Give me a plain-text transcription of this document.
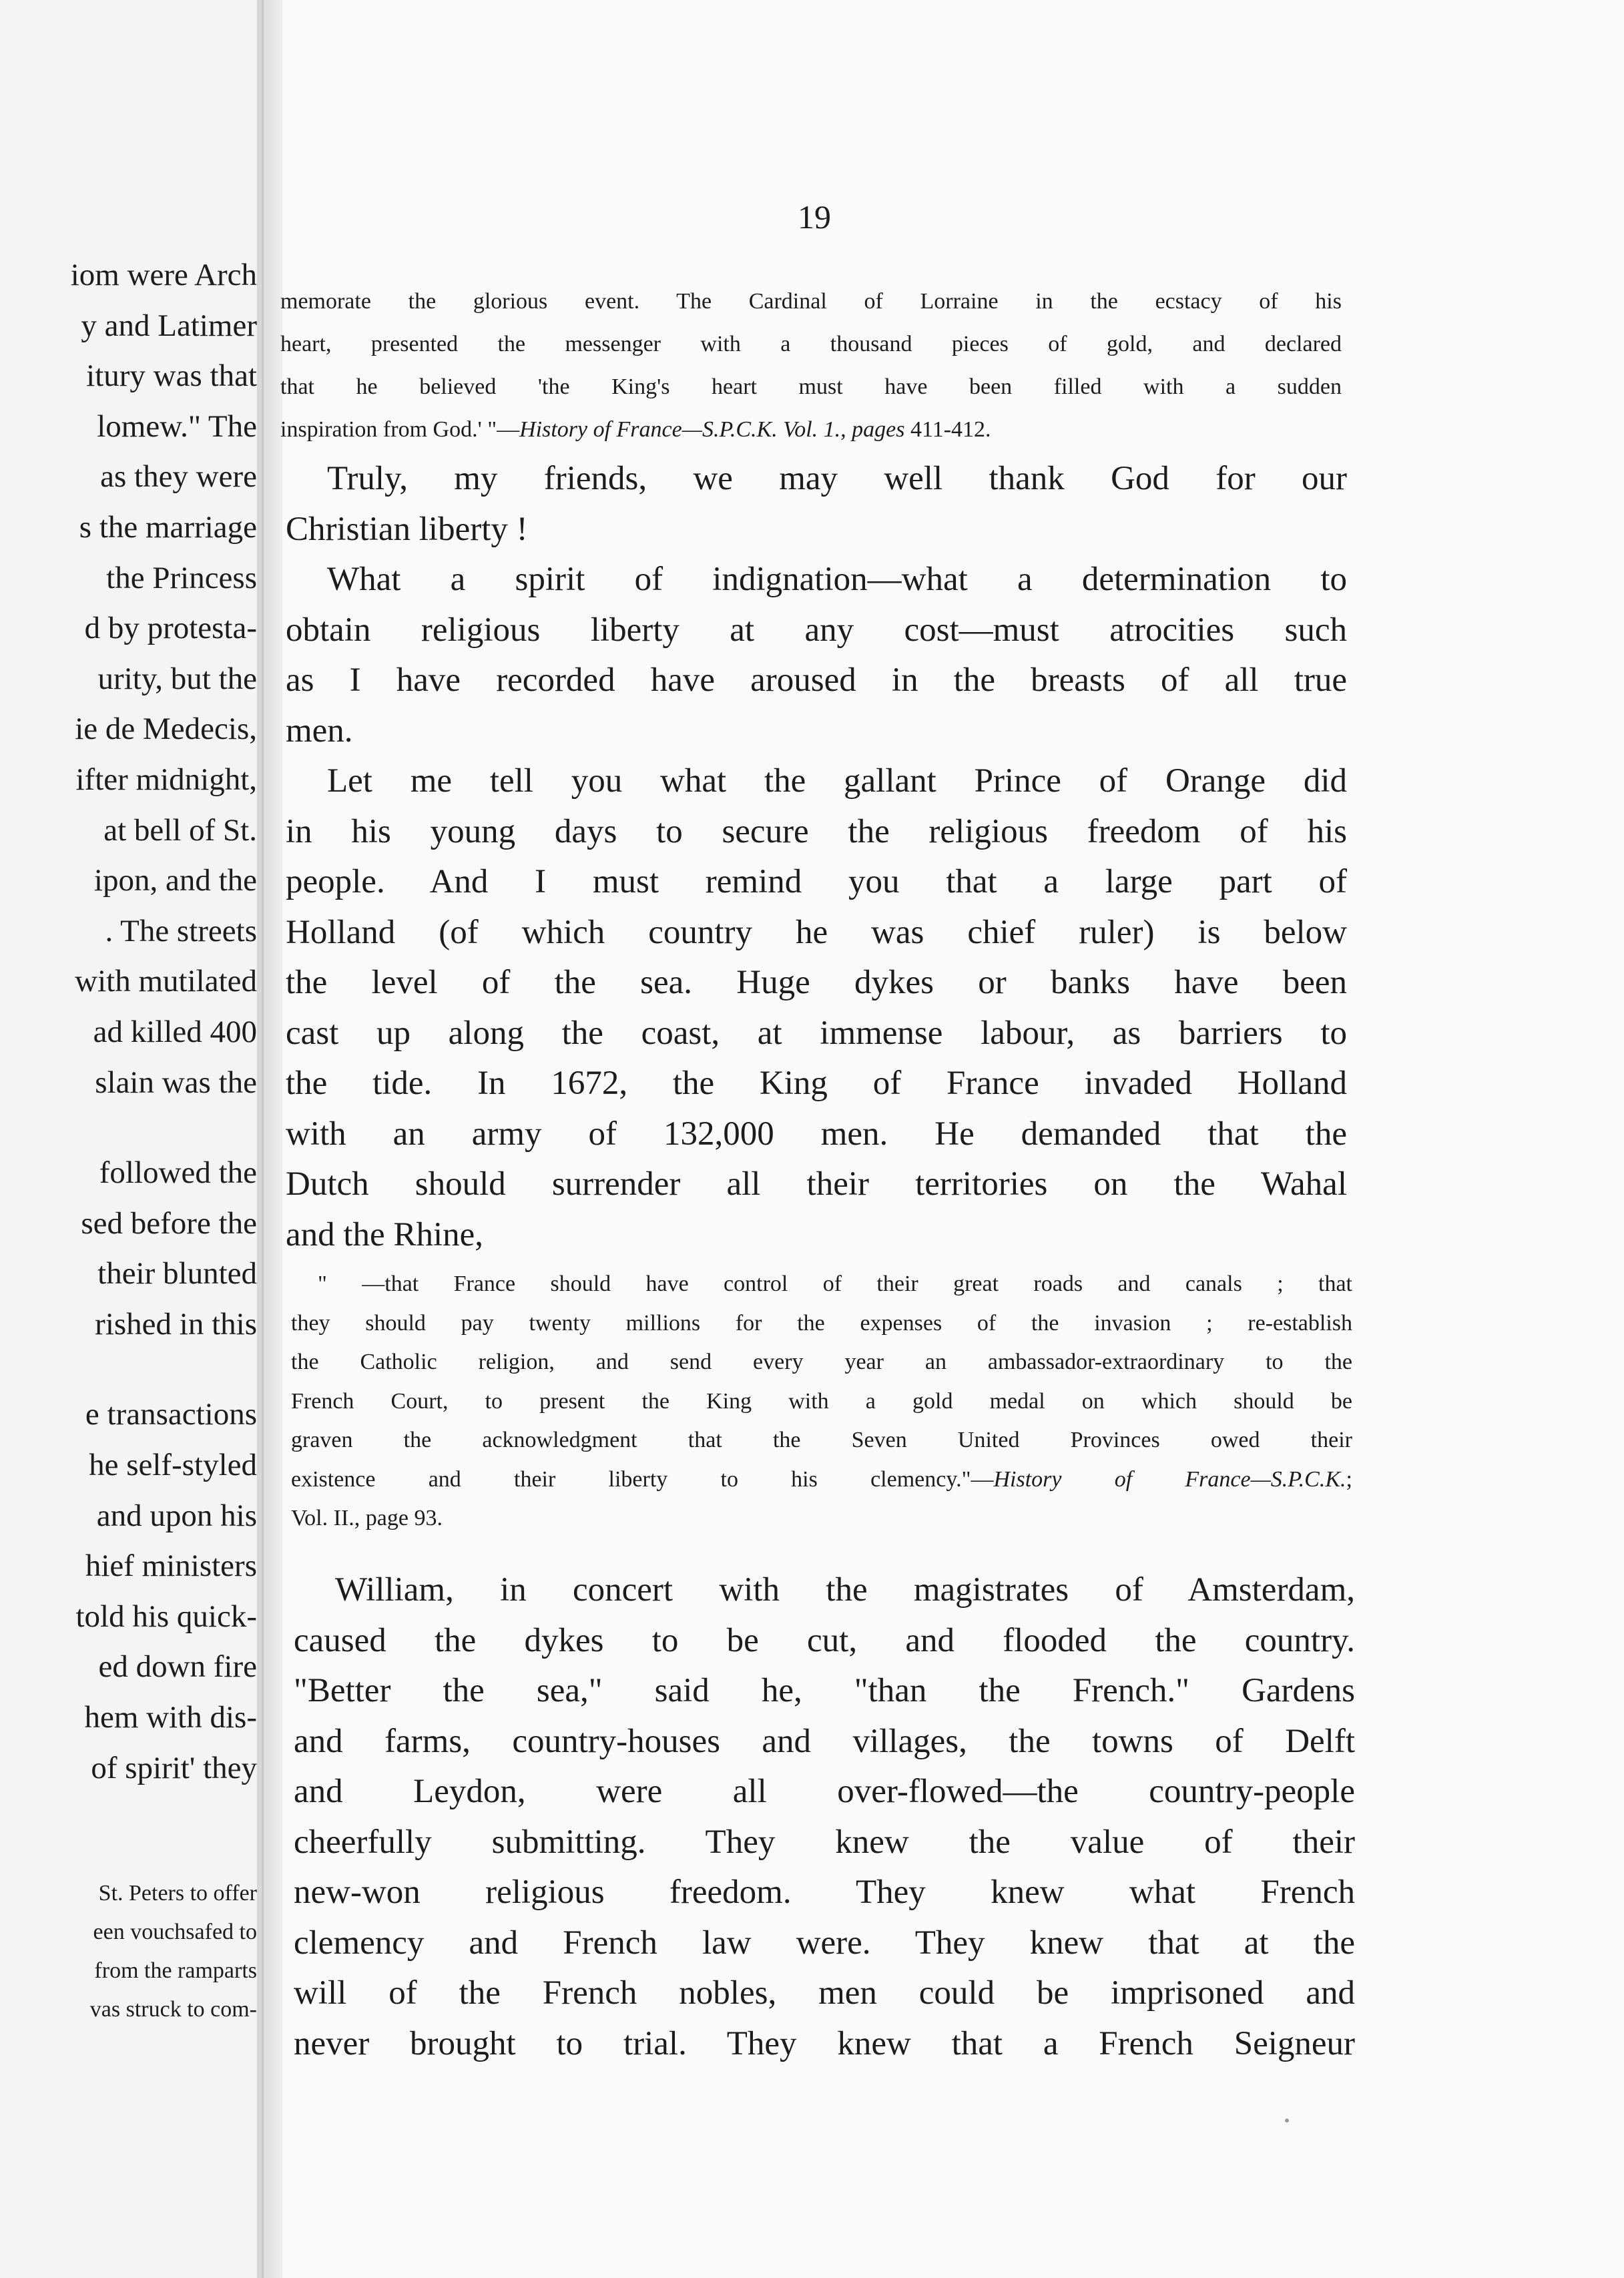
iom were Arch
y and Latimer
itury was that
lomew." The
as they were
s the marriage
the Princess
d by protesta-
urity, but the
ie de Medecis,
ifter midnight,
at bell of St.
ipon, and the
. The streets
with mutilated
ad killed 400
slain was the
followed the
sed before the
their blunted
rished in this
e transactions
he self-styled
and upon his
hief ministers
told his quick-
ed down fire
hem with dis-
of spirit' they
St. Peters to offer
een vouchsafed to
from the ramparts
vas struck to com-
19
memorate the glorious event. The Cardinal of Lorraine in the ecstacy of his
heart, presented the messenger with a thousand pieces of gold, and declared
that he believed 'the King's heart must have been filled with a sudden
inspiration from God.' "—History of France—S.P.C.K. Vol. 1., pages 411-412.
Truly, my friends, we may well thank God for our
Christian liberty !
What a spirit of indignation—what a determination to
obtain religious liberty at any cost—must atrocities such
as I have recorded have aroused in the breasts of all true
men.
Let me tell you what the gallant Prince of Orange did
in his young days to secure the religious freedom of his
people. And I must remind you that a large part of
Holland (of which country he was chief ruler) is below
the level of the sea. Huge dykes or banks have been
cast up along the coast, at immense labour, as barriers to
the tide. In 1672, the King of France invaded Holland
with an army of 132,000 men. He demanded that the
Dutch should surrender all their territories on the Wahal
and the Rhine,
" —that France should have control of their great roads and canals ; that
they should pay twenty millions for the expenses of the invasion ; re-establish
the Catholic religion, and send every year an ambassador-extraordinary to the
French Court, to present the King with a gold medal on which should be
graven the acknowledgment that the Seven United Provinces owed their
existence and their liberty to his clemency."—History of France—S.P.C.K.;
Vol. II., page 93.
William, in concert with the magistrates of Amsterdam,
caused the dykes to be cut, and flooded the country.
"Better the sea," said he, "than the French." Gardens
and farms, country-houses and villages, the towns of Delft
and Leydon, were all over-flowed—the country-people
cheerfully submitting. They knew the value of their
new-won religious freedom. They knew what French
clemency and French law were. They knew that at the
will of the French nobles, men could be imprisoned and
never brought to trial. They knew that a French Seigneur
